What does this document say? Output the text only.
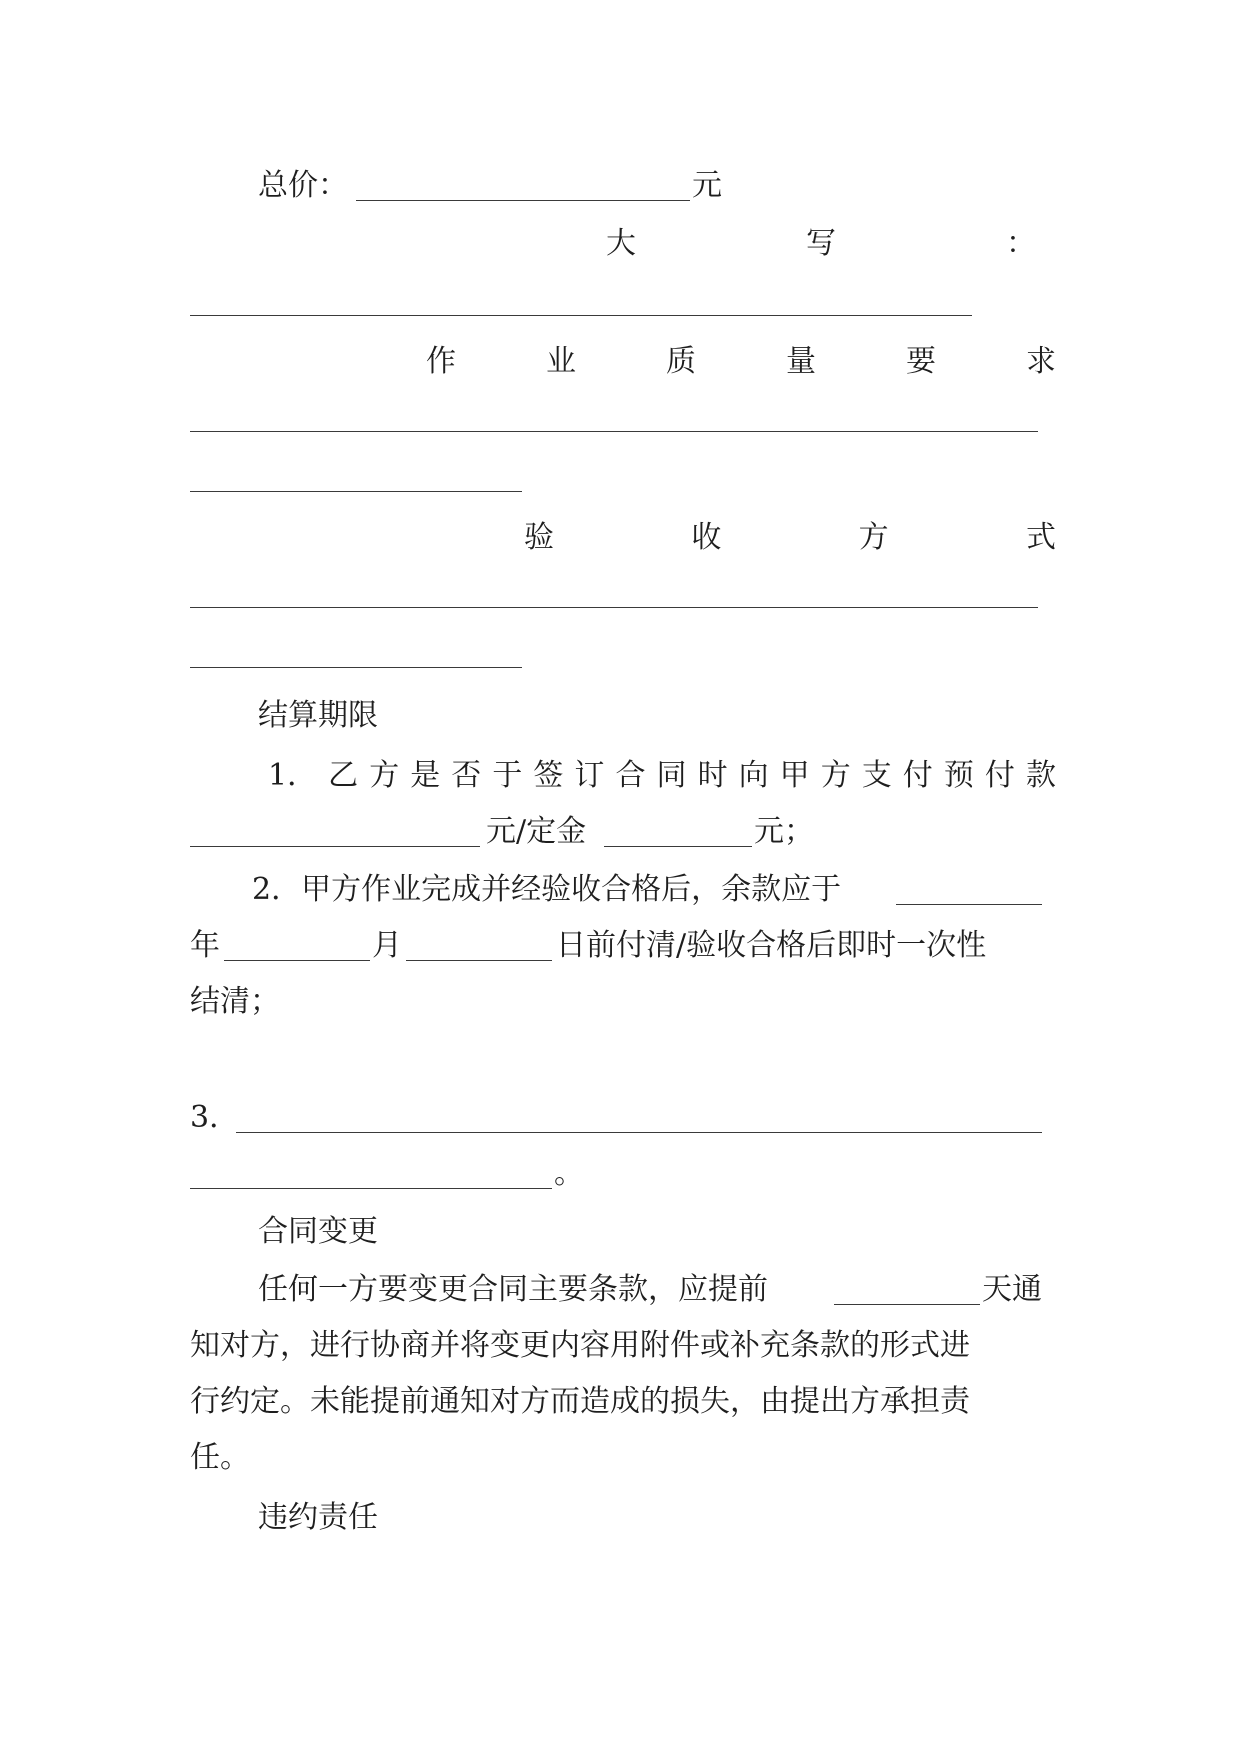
总价：	元
大	写	：
作	业	质	量	要	求
验	收	方	式
结算期限
1． 乙 方 是 否 于 签 订 合 同 时 向 甲 方 支 付 预 付 款
元/定金	元；
2．甲方作业完成并经验收合格后，余款应于
年	月	日前付清/验收合格后即时一次性
结清；
3．
。
合同变更
任何一方要变更合同主要条款，应提前	天通
知对方，进行协商并将变更内容用附件或补充条款的形式进
行约定。未能提前通知对方而造成的损失，由提出方承担责
任。
违约责任
